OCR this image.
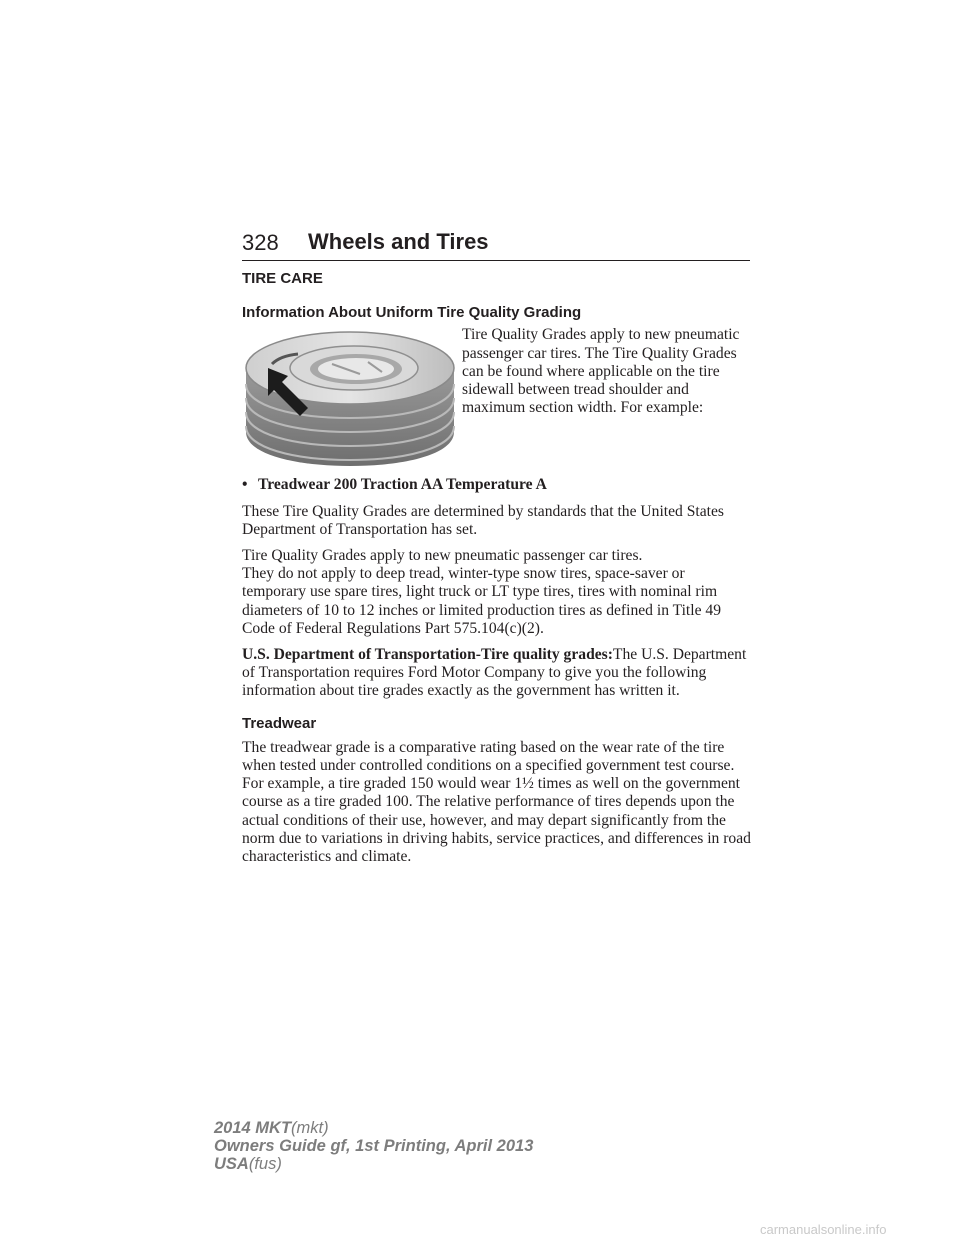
328 Wheels and Tires
TIRE CARE
Information About Uniform Tire Quality Grading

Tire Quality Grades apply to new pneumatic passenger car tires. The Tire Quality Grades can be found where applicable on the tire sidewall between tread shoulder and maximum section width. For example:

• Treadwear 200 Traction AA Temperature A

These Tire Quality Grades are determined by standards that the United States Department of Transportation has set.

Tire Quality Grades apply to new pneumatic passenger car tires.
They do not apply to deep tread, winter-type snow tires, space-saver or temporary use spare tires, light truck or LT type tires, tires with nominal rim diameters of 10 to 12 inches or limited production tires as defined in Title 49 Code of Federal Regulations Part 575.104(c)(2).

U.S. Department of Transportation-Tire quality grades:The U.S. Department of Transportation requires Ford Motor Company to give you the following information about tire grades exactly as the government has written it.

Treadwear

The treadwear grade is a comparative rating based on the wear rate of the tire when tested under controlled conditions on a specified government test course. For example, a tire graded 150 would wear 1½ times as well on the government course as a tire graded 100. The relative performance of tires depends upon the actual conditions of their use, however, and may depart significantly from the norm due to variations in driving habits, service practices, and differences in road characteristics and climate.

2014 MKT(mkt)
Owners Guide gf, 1st Printing, April 2013
USA(fus)
carmanualsonline.info
